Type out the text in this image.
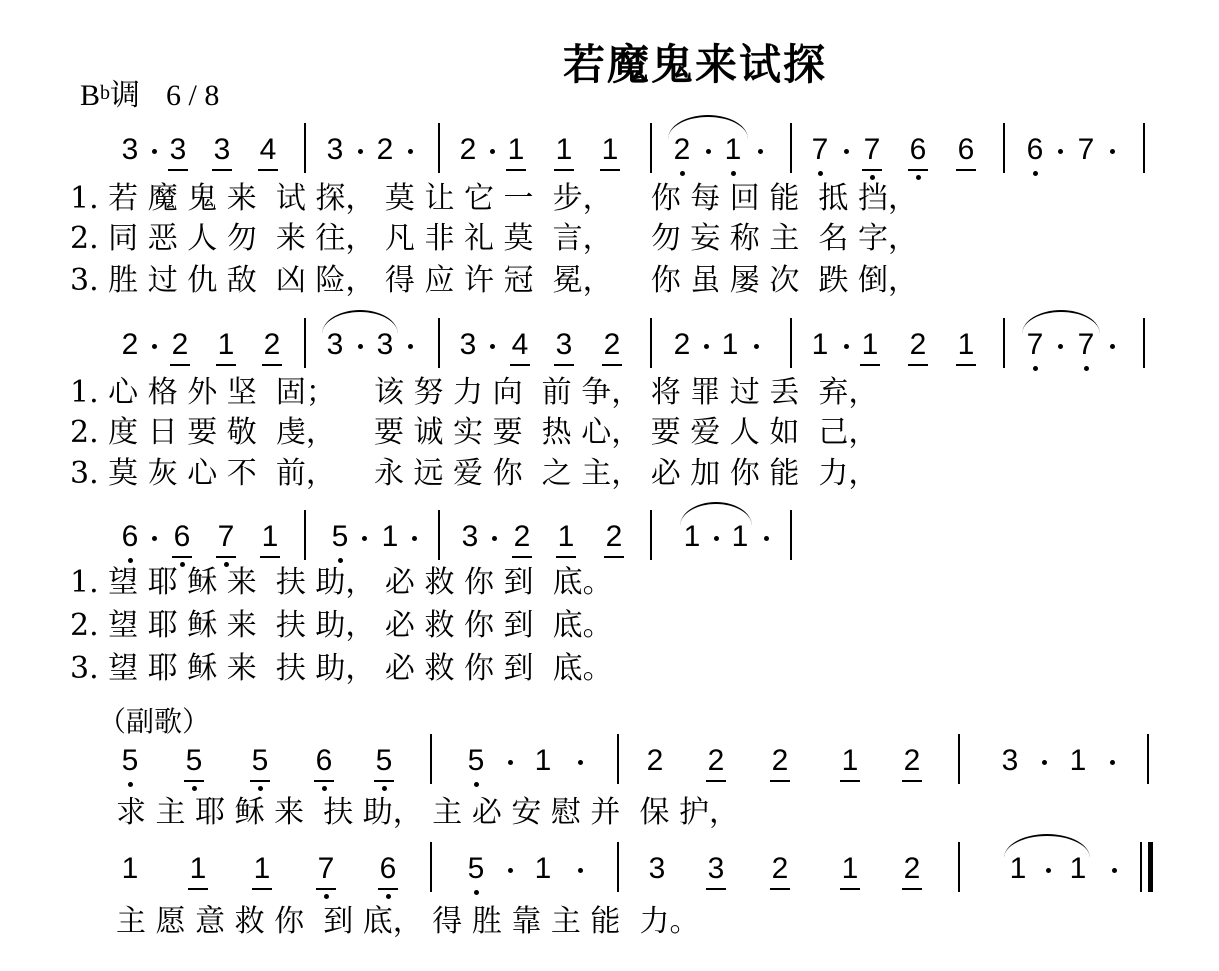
若魔鬼来试探
$B^b$调 6 / 8
3 3 3 4 3 2 2 1 1 1 2 1 7 7 6 6 6 7
2 2 1 2 3 3 3 4 3 2 2 1 1 1 2 1 7 7
6 6 7 1 5 1 3 2 1 2 1 1
5 5 5 6 5	5 1	2 2 2 1 2	3 1
1 1 1 7 6 5 1	3 3 2 1 2	1 1
1. 若 魔 鬼 来  试 探， 莫 让 它 一  步，    你 每 回 能  抵 挡，
2. 同 恶 人 勿  来 往， 凡 非 礼 莫  言，    勿 妄 称 主  名 字，
3. 胜 过 仇 敌  凶 险， 得 应 许 冠  冕，    你 虽 屡 次  跌 倒，
1. 心 格 外 坚  固；    该 努 力 向  前 争， 将 罪 过 丢  弃，
2. 度 日 要 敬  虔，    要 诚 实 要  热 心， 要 爱 人 如  己，
3. 莫 灰 心 不  前，    永 远 爱 你  之 主， 必 加 你 能  力，
1. 望 耶 稣 来  扶 助， 必 救 你 到  底。
2. 望 耶 稣 来  扶 助， 必 救 你 到  底。
3. 望 耶 稣 来  扶 助， 必 救 你 到  底。
（副歌）
求 主 耶 稣 来  扶 助， 主 必 安 慰 并  保 护，
主 愿 意 救 你  到 底， 得 胜 靠 主 能  力。
